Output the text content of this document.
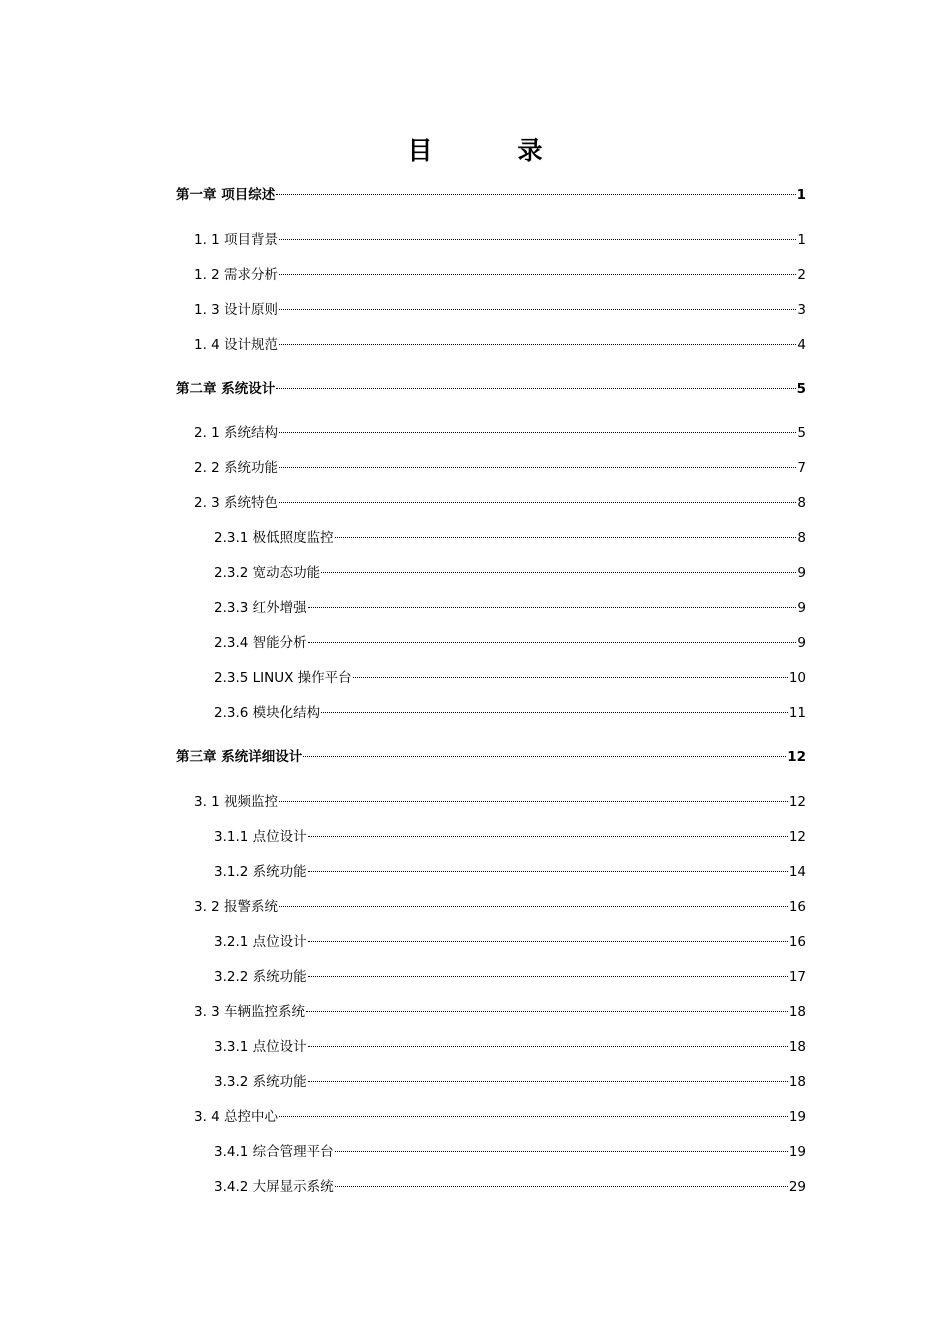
目　录
第一章 项目综述	1
1. 1 项目背景	1
1. 2 需求分析	2
1. 3 设计原则	3
1. 4 设计规范	4
第二章 系统设计	5
2. 1 系统结构	5
2. 2 系统功能	7
2. 3 系统特色	8
2.3.1 极低照度监控	8
2.3.2 宽动态功能	9
2.3.3 红外增强	9
2.3.4 智能分析	9
2.3.5 LINUX 操作平台	10
2.3.6 模块化结构	11
第三章 系统详细设计	12
3. 1 视频监控	12
3.1.1 点位设计	12
3.1.2 系统功能	14
3. 2 报警系统	16
3.2.1 点位设计	16
3.2.2 系统功能	17
3. 3 车辆监控系统	18
3.3.1 点位设计	18
3.3.2 系统功能	18
3. 4 总控中心	19
3.4.1 综合管理平台	19
3.4.2 大屏显示系统	29
